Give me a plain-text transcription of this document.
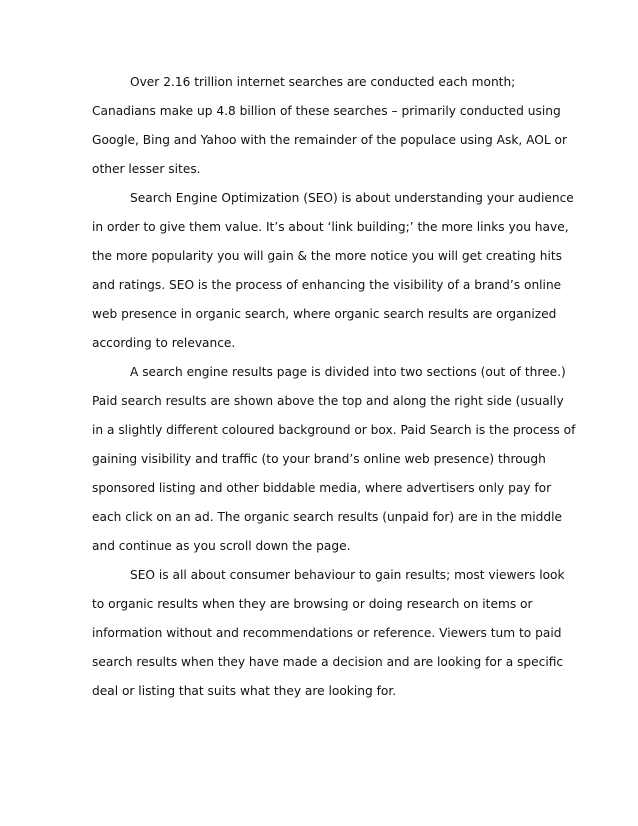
Over 2.16 trillion internet searches are conducted each month; Canadians make up 4.8 billion of these searches – primarily conducted using Google, Bing and Yahoo with the remainder of the populace using Ask, AOL or other lesser sites.

Search Engine Optimization (SEO) is about understanding your audience in order to give them value. It’s about ‘link building;’ the more links you have, the more popularity you will gain & the more notice you will get creating hits and ratings. SEO is the process of enhancing the visibility of a brand’s online web presence in organic search, where organic search results are organized according to relevance.

A search engine results page is divided into two sections (out of three.) Paid search results are shown above the top and along the right side (usually in a slightly different coloured background or box. Paid Search is the process of gaining visibility and traffic (to your brand’s online web presence) through sponsored listing and other biddable media, where advertisers only pay for each click on an ad. The organic search results (unpaid for) are in the middle and continue as you scroll down the page.

SEO is all about consumer behaviour to gain results; most viewers look to organic results when they are browsing or doing research on items or information without and recommendations or reference. Viewers tum to paid search results when they have made a decision and are looking for a specific deal or listing that suits what they are looking for.
